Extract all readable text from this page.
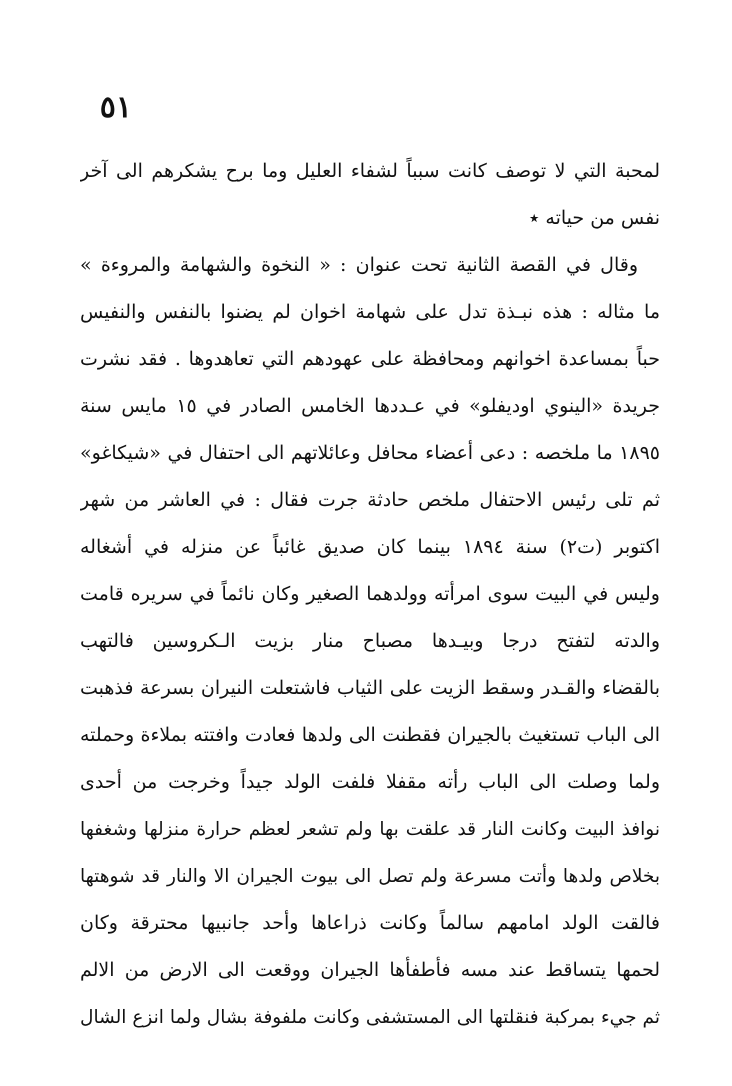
٥١
لمحبة التي لا توصف كانت سبباً لشفاء العليل وما برح يشكرهم الى آخر
نفس من حياته ٭
وقال في القصة الثانية تحت عنوان : « النخوة والشهامة والمروءة »
ما مثاله : هذه نبـذة تدل على شهامة اخوان لم يضنوا بالنفس والنفيس
حباً بمساعدة اخوانهم ومحافظة على عهودهم التي تعاهدوها . فقد نشرت
جريدة «الينوي اوديفلو» في عـددها الخامس الصادر في ١٥ مايس سنة
١٨٩٥ ما ملخصه : دعى أعضاء محافل وعائلاتهم الى احتفال في «شيكاغو»
ثم تلى رئيس الاحتفال ملخص حادثة جرت فقال : في العاشر من شهر
اكتوبر (ت٢) سنة ١٨٩٤ بينما كان صديق غائباً عن منزله في أشغاله
وليس في البيت سوى امرأته وولدهما الصغير وكان نائماً في سريره قامت
والدته لتفتح درجا وبيـدها مصباح منار بزيت الـكروسين فالتهب
بالقضاء والقـدر وسقط الزيت على الثياب فاشتعلت النيران بسرعة فذهبت
الى الباب تستغيث بالجيران فقطنت الى ولدها فعادت وافتته بملاءة وحملته
ولما وصلت الى الباب رأته مقفلا فلفت الولد جيداً وخرجت من أحدى
نوافذ البيت وكانت النار قد علقت بها ولم تشعر لعظم حرارة منزلها وشغفها
بخلاص ولدها وأتت مسرعة ولم تصل الى بيوت الجيران الا والنار قد شوهتها
فالقت الولد امامهم سالماً وكانت ذراعاها وأحد جانبيها محترقة وكان
لحمها يتساقط عند مسه فأطفأها الجيران ووقعت الى الارض من الالم
ثم جيء بمركبة فنقلتها الى المستشفى وكانت ملفوفة بشال ولما انزع الشال
